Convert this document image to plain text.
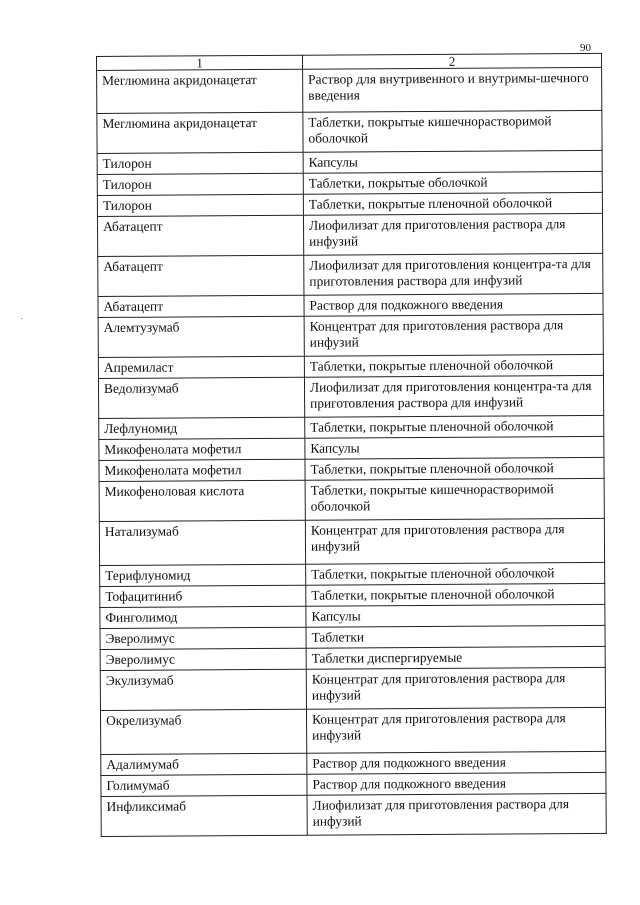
90
1	2
Меглюмина акридонацетат	Раствор для внутривенного и внутримы-шечного введения
Меглюмина акридонацетат	Таблетки, покрытые кишечнорастворимой оболочкой
Тилорон	Капсулы
Тилорон	Таблетки, покрытые оболочкой
Тилорон	Таблетки, покрытые пленочной оболочкой
Абатацепт	Лиофилизат для приготовления раствора для инфузий
Абатацепт	Лиофилизат для приготовления концентра-та для приготовления раствора для инфузий
Абатацепт	Раствор для подкожного введения
Алемтузумаб	Концентрат для приготовления раствора для инфузий
Апремиласт	Таблетки, покрытые пленочной оболочкой
Ведолизумаб	Лиофилизат для приготовления концентра-та для приготовления раствора для инфузий
Лефлуномид	Таблетки, покрытые пленочной оболочкой
Микофенолата мофетил	Капсулы
Микофенолата мофетил	Таблетки, покрытые пленочной оболочкой
Микофеноловая кислота	Таблетки, покрытые кишечнорастворимой оболочкой
Натализумаб	Концентрат для приготовления раствора для инфузий
Терифлуномид	Таблетки, покрытые пленочной оболочкой
Тофацитиниб	Таблетки, покрытые пленочной оболочкой
Финголимод	Капсулы
Эверолимус	Таблетки
Эверолимус	Таблетки диспергируемые
Экулизумаб	Концентрат для приготовления раствора для инфузий
Окрелизумаб	Концентрат для приготовления раствора для инфузий
Адалимумаб	Раствор для подкожного введения
Голимумаб	Раствор для подкожного введения
Инфликсимаб	Лиофилизат для приготовления раствора для инфузий
